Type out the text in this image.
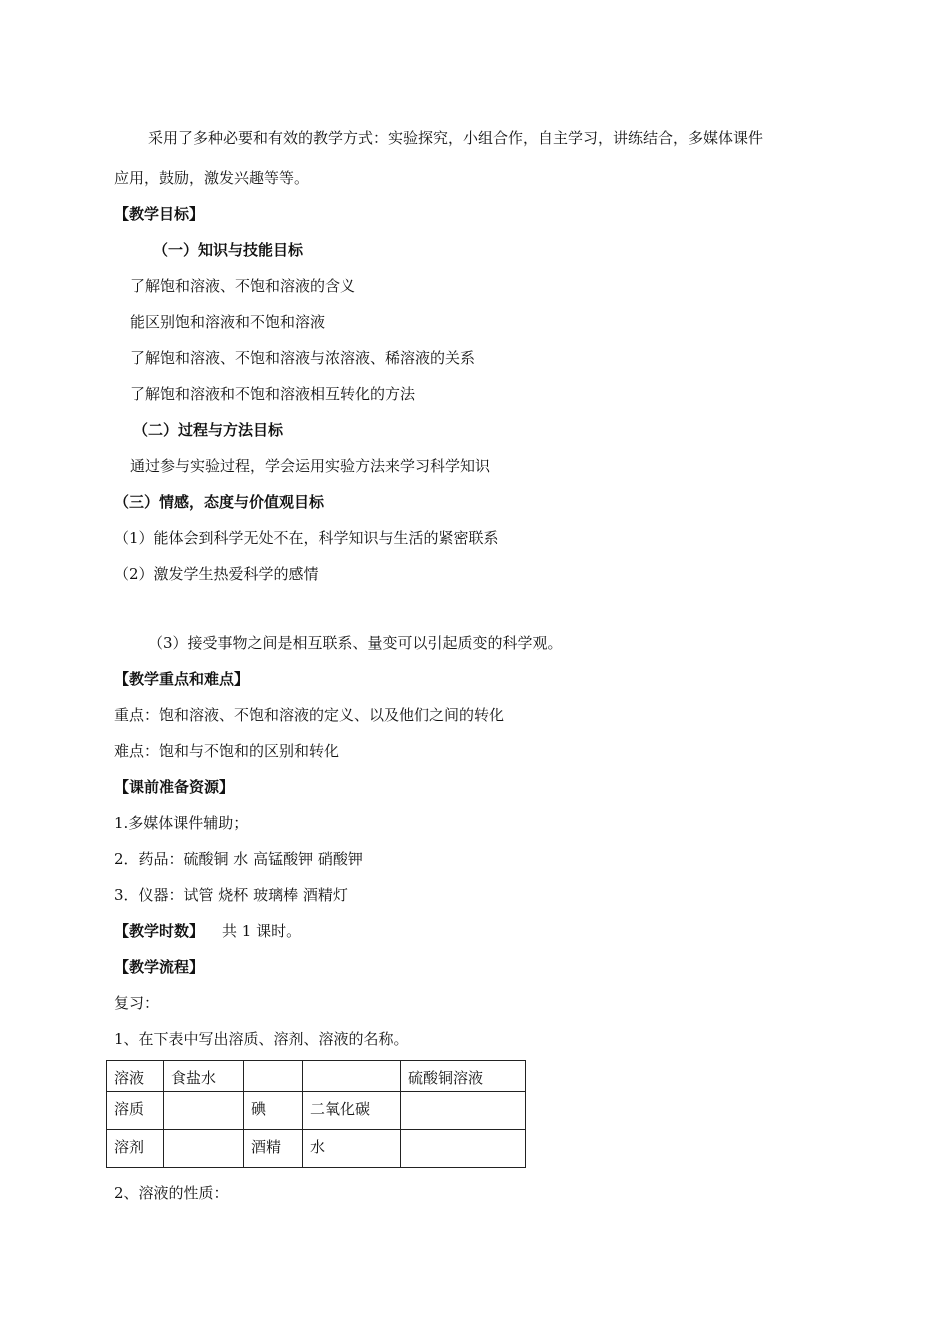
采用了多种必要和有效的教学方式：实验探究，小组合作，自主学习，讲练结合，多媒体课件
应用，鼓励，激发兴趣等等。
【教学目标】
（一）知识与技能目标
了解饱和溶液、不饱和溶液的含义
能区别饱和溶液和不饱和溶液
了解饱和溶液、不饱和溶液与浓溶液、稀溶液的关系
了解饱和溶液和不饱和溶液相互转化的方法
（二）过程与方法目标
通过参与实验过程，学会运用实验方法来学习科学知识
（三）情感，态度与价值观目标
（1）能体会到科学无处不在，科学知识与生活的紧密联系
（2）激发学生热爱科学的感情
（3）接受事物之间是相互联系、量变可以引起质变的科学观。
【教学重点和难点】
重点：饱和溶液、不饱和溶液的定义、以及他们之间的转化
难点：饱和与不饱和的区别和转化
【课前准备资源】
1.多媒体课件辅助；
2．药品：硫酸铜 水 高锰酸钾 硝酸钾
3．仪器：试管 烧杯 玻璃棒 酒精灯
【教学时数】 共 1 课时。
【教学流程】
复习：
1、在下表中写出溶质、溶剂、溶液的名称。
溶液	食盐水			硫酸铜溶液
溶质		碘	二氧化碳	
溶剂		酒精	水	
2、溶液的性质：
